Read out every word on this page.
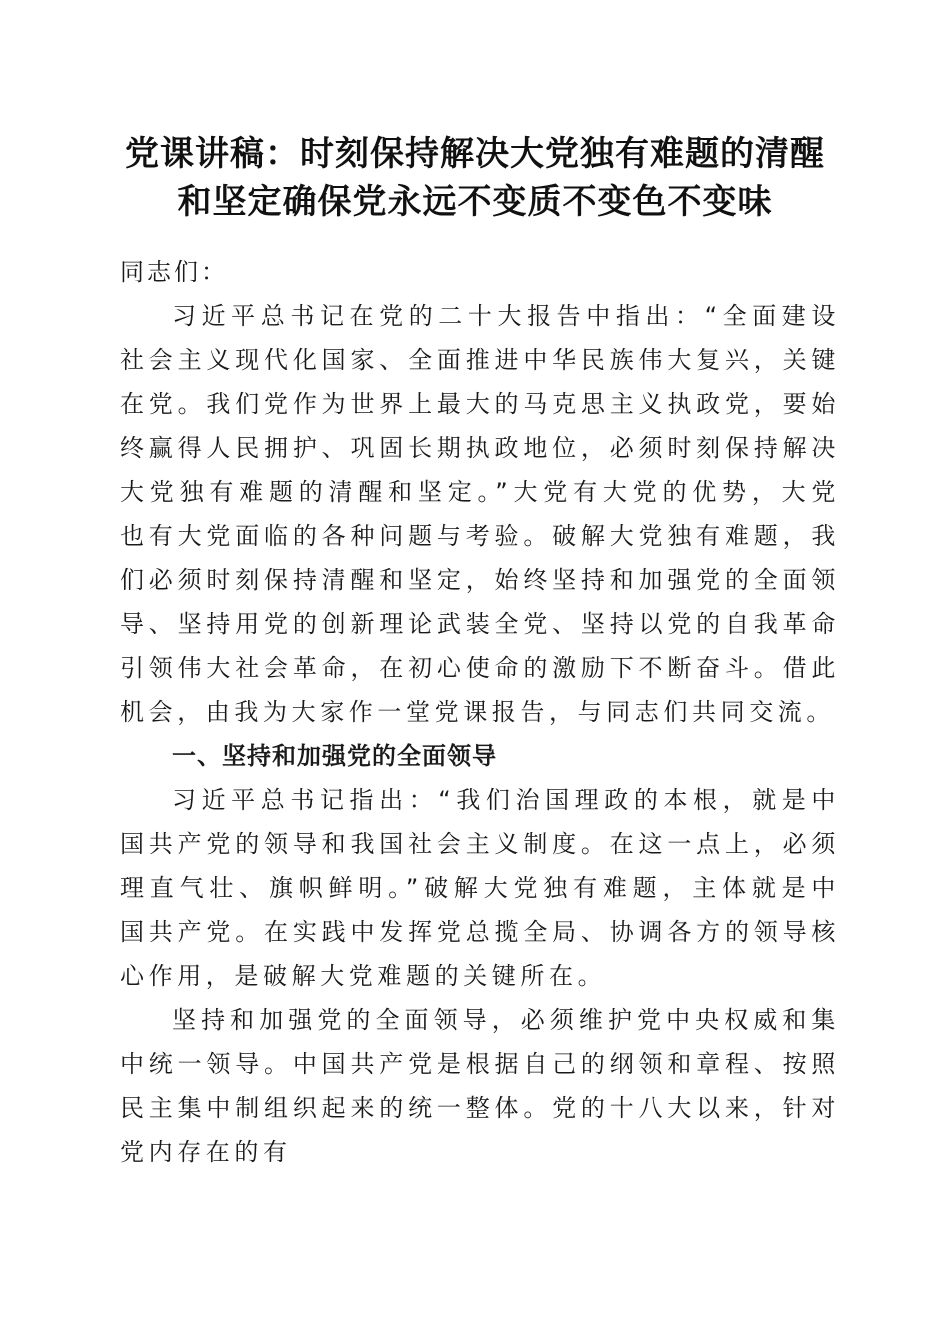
党课讲稿：时刻保持解决大党独有难题的清醒
和坚定确保党永远不变质不变色不变味

同志们：

习近平总书记在党的二十大报告中指出：“全面建设社会主义现代化国家、全面推进中华民族伟大复兴，关键在党。我们党作为世界上最大的马克思主义执政党，要始终赢得人民拥护、巩固长期执政地位，必须时刻保持解决大党独有难题的清醒和坚定。”大党有大党的优势，大党也有大党面临的各种问题与考验。破解大党独有难题，我们必须时刻保持清醒和坚定，始终坚持和加强党的全面领导、坚持用党的创新理论武装全党、坚持以党的自我革命引领伟大社会革命，在初心使命的激励下不断奋斗。借此机会，由我为大家作一堂党课报告，与同志们共同交流。

一、坚持和加强党的全面领导

习近平总书记指出：“我们治国理政的本根，就是中国共产党的领导和我国社会主义制度。在这一点上，必须理直气壮、旗帜鲜明。”破解大党独有难题，主体就是中国共产党。在实践中发挥党总揽全局、协调各方的领导核心作用，是破解大党难题的关键所在。

坚持和加强党的全面领导，必须维护党中央权威和集中统一领导。中国共产党是根据自己的纲领和章程、按照民主集中制组织起来的统一整体。党的十八大以来，针对党内存在的有
